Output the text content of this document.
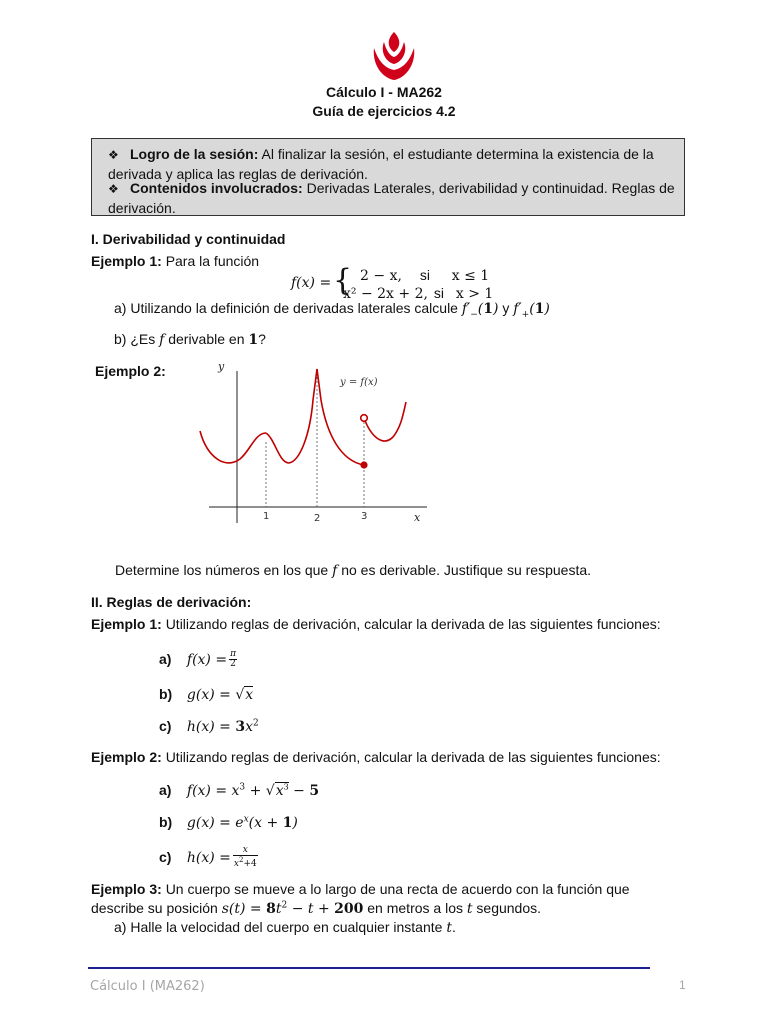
Cálculo I - MA262
Guía de ejercicios 4.2
❖ Logro de la sesión: Al finalizar la sesión, el estudiante determina la existencia de la derivada y aplica las reglas de derivación.
❖ Contenidos involucrados: Derivadas Laterales, derivabilidad y continuidad. Reglas de derivación.
I. Derivabilidad y continuidad
Ejemplo 1: Para la función
f(x) = { 2 − x, si x ≤ 1
x² − 2x + 2, si x > 1
a) Utilizando la definición de derivadas laterales calcule $f'_-(1)$ y $f'_+(1)$
b) ¿Es f derivable en 1?
Ejemplo 2:	y
x
1	2	3
y = f(x)
Determine los números en los que f no es derivable. Justifique su respuesta.
II. Reglas de derivación:
Ejemplo 1: Utilizando reglas de derivación, calcular la derivada de las siguientes funciones:
a) $f(x) = \frac{\pi}{2}$
b) g(x) = √x
c) $h(x) = 3x^2$
Ejemplo 2: Utilizando reglas de derivación, calcular la derivada de las siguientes funciones:
a) $f(x) = x^3 + √x^3 - 5$
b) $g(x) = e^x(x + 1)$
c) $h(x) = \frac{x}{x^2+4}$
Ejemplo 3: Un cuerpo se mueve a lo largo de una recta de acuerdo con la función que
describe su posición $s(t) = 8t^2 - t + 200$ en metros a los t segundos.
a) Halle la velocidad del cuerpo en cualquier instante t.
Cálculo I (MA262)	1
